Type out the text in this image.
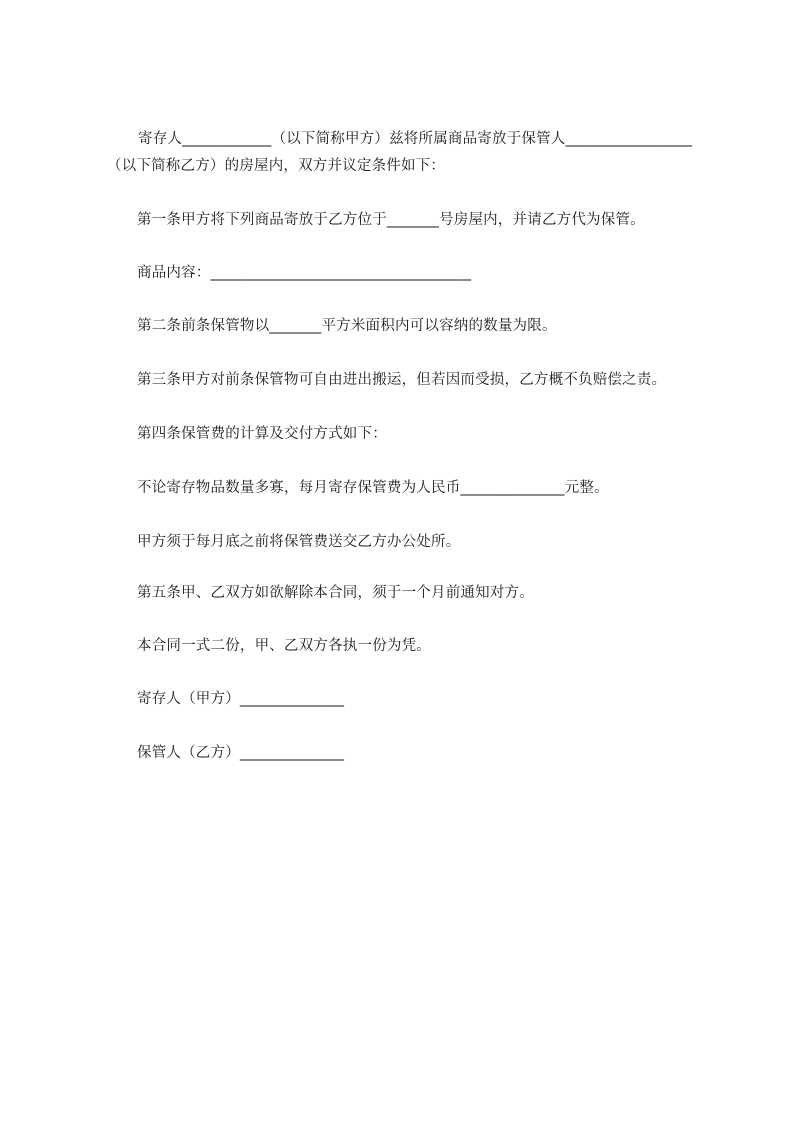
寄存人____________（以下简称甲方）兹将所属商品寄放于保管人_________________
（以下简称乙方）的房屋内，双方并议定条件如下：
第一条甲方将下列商品寄放于乙方位于_______号房屋内，并请乙方代为保管。
商品内容：___________________________________
第二条前条保管物以_______平方米面积内可以容纳的数量为限。
第三条甲方对前条保管物可自由进出搬运，但若因而受损，乙方概不负赔偿之责。
第四条保管费的计算及交付方式如下：
不论寄存物品数量多寡，每月寄存保管费为人民币______________元整。
甲方须于每月底之前将保管费送交乙方办公处所。
第五条甲、乙双方如欲解除本合同，须于一个月前通知对方。
本合同一式二份，甲、乙双方各执一份为凭。
寄存人（甲方）______________
保管人（乙方）______________
